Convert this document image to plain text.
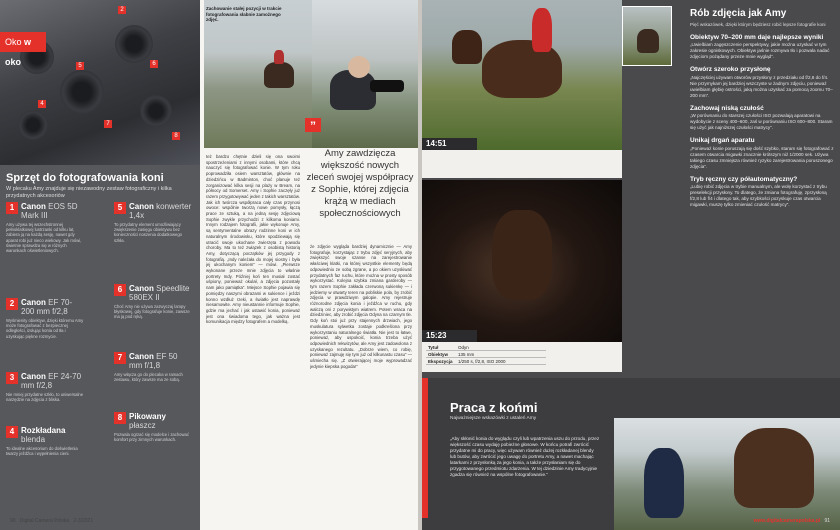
2
4
5	6
7
8
Oko w oko
Sprzęt do fotografowania koni
W plecaku Amy znajduje się niezawodny zestaw fotograficzny i kilka przydatnych akcesoriów
1 Canon EOS 5D Mark III
Amy używa tej wszechstronnej pełnoklatkowej lustrzanki od kilku lat, zabiera ją na każdą sesję, nawet gdy aparat robi już nieco wiekowy. Jak mówi, świetnie sprawdza się w różnych warunkach oświetleniowych.
2 Canon EF 70-200 mm f/2,8
Wyśmienity obiektyw, dzięki któremu Amy może fotografować z bezpiecznej odległości, izolując konia od tła i uzyskując piękne rozmycie.
3 Canon EF 24-70 mm f/2,8
Nie mniej przydatne szkło, to uniwersalne narzędzie na zdjęcia z bliska.
4 Rozkładana blenda
To idealne akcesorium do doświetlenia twarzy jeźdźca i wypełnienia cieni.
5 Canon konwerter 1,4x
To przydatny element umożliwiający zwiększenie zasięgu obiektywu bez konieczności noszenia dodatkowego szkła.
6 Canon Speedlite 580EX II
Choć Amy nie używa zazwyczaj lampy błyskowej, gdy fotografuje konie, zawsze ma ją pod ręką.
7 Canon EF 50 mm f/1,8
Amy włącza go do plecaka w ramach zestawu, który zawsze ma ze sobą.
8 Pikowany płaszcz
Pozwala ogrzać się modelce i zachować komfort przy zimnych warunkach.
Zachowanie stałej pozycji w trakcie fotografowania słabnie zamożnego zdjęć.
”
też bardzo chętnie dzieli się ona swoimi spostrzeżeniami z innymi osobami, które chcą nauczyć się fotografować konie. W tym roku poprowadziła osiem warsztatów, głównie na dziedzińcu w Badminton, choć planuje też zorganizować kilka sesji na plaży w Bream, na północy od Somerset. Amy i Sophie zaczęły już razem przygotowywać jeden z takich warsztatów. Jak ich twórcza współpraca cały czas przynosi owoce: wspólnie tworzą nowe pomysły, łączą prace ze sztuką, a na jedną sesję zdjęciową Sophie zwykle przychodzi z kilkoma koniami. Innym rodzajem fotografii, jakie wykonuje Amy, są sentymentalne obrazy rodzinne koni w ich naturalnym środowisku, które spodziewają się utracić swoje ukochane zwierzęta z powodu choroby. Ma to też związek z osobistą historią Amy, dotyczącą początków jej przygody z fotografią. „Indy należała do mojej siostry i była jej ukochanym koniem” — mówi. „Pierwsze wykonane przeze mnie zdjęcia to właśnie portrety Indy. Później koń ten musiał zostać uśpiony, ponieważ okulał, a zdjęcia pozostały nam jako pamiątka”. Miejsce Sophie pojawia się pomiędzy naszymi obrazami w sukience i jeździ konno wzdłuż rzeki, a światło jest naprawdę niesamowite. Amy nieustannie informuje Sophie, gdzie ma jechać i jak ustawić konia, ponieważ jest ona świadoma tego, jak ważna jest komunikacja między fotografem a modelką.
Amy zawdzięcza większość nowych zleceń swojej współpracy z Sophie, której zdjęcia krążą w mediach społecznościowych
że zdjęcie wygląda bardziej dynamicznie — Amy fotografuje, korzystając z trybu zdjęć seryjnych, aby zwiększyć swoje szanse na zarejestrowanie właściwej klatki, na której wszystkie elementy będą odpowiednio ze sobą zgrane, a po okiem uzyskiwać przydatnych faz ruchu, które można w prosty sposób wykorzystać. Kolejna szybka zmiana garderoby — tym razem Sophie zakłada czerwoną sukienkę — i jedziemy w otwarty teren na pobliskie pola, by zrobić zdjęcia w prawdziwym galopie. Amy rejestruje różnorodne zdjęcia konia i jeźdźca w ruchu, gdy walczą oni z porywistym wiatrem. Potem wraca na dziedziniec, aby zrobić zdjęcia Odyna na czarnym tle. Gdy koń stoi już przy stajennych drzwiach, jego muskulatura sylwetka zostaje podkreślona przy wykorzystaniu naturalnego światła. Nie jest to łatwe, ponieważ, aby uspokoić, konia trzeba użyć odpowiednich rekwizytów, ale Amy jest zadowolona z uzyskanego rezultatu. „Dobrze wiem, co robię, ponieważ zajmuję się tym już od kilkunastu czasu” — uśmiecha się. „Z otwierającej moje wyprowadzać jedynie kiepska pogoda!”
90 Digital Camera Polska 2-3/2021
14:51
15:23
Tytuł	Odyn
Obiektyw	135 mm
Ekspozycja	1/250 s, f/2,8, ISO 2000
Rób zdjęcia jak Amy
Pięć wskazówek, dzięki którym będziesz robić lepsze fotografie koni
Obiektyw 70–200 mm daje najlepsze wyniki

„Uwielbiam zagęszczenie perspektywy, jakie można uzyskać w tym zakresie ogniskowych. Obiektyw jaśnie rozmywa tło i pozwala nadać zdjęciom pożądany przeze mnie wygląd”.

Otwórz szeroko przysłonę

„Najczęściej używam otworów przysłony z przedziału od f/2,8 do f/4. Nie przymykam jej bardziej wszczyste w żadnym zdjęciu, ponieważ uwielbiam głębię ostrości, jaką można uzyskać za pomocą zoomu 70–200 mm”.

Zachowaj niską czułość

„W porównaniu do starszej czułości ISO pozwalają aparatowi na wydobycie z sceny 400–600, zaś w porównaniu ISO 600–800. Staram się użyć jak najniższej czułości matrycy”.

Unikaj drgań aparatu

„Ponieważ konie poruszają się dość szybko, staram się fotografować z czasem otwarcia migawki znacznie krótszym niż 1/2000 sek. Używa takiego czasu zmniejsza również ryzyko zarejestrowania poruszonego zdjęcia”.

Tryb ręczny czy półautomatyczny?

„Lubię robić zdjęcia w trybie manualnym, ale wolę korzystać z trybu preselekcji przysłony. To dlatego, że zmiana fotografuję, zprzysłoną f/2,8 lub f/4 i dlatego tak, aby szybkości pozyskuje czas otwarcia migawki, muszę tylko zmieniać czułość matrycy”.

Praca z końmi
Najważniejsze wskazówki z ustaleń Amy
„Aby skłonić konia do wyglądu czyli lub wpatrzenia uszu do przodu, przez większość czasu wydaję pobieżne głosowe. W końcu potrafi zwrócić przydatne mi do pracy, więc używam również dużej rozkładanej blendy lub butów, aby zwrócić jego uwagę do portretu Amy, a nawet machając latarkami z przysłonką za jego konia, a także przysłaniam się do przygotowanego przedmiotu zdarzenia. W tej dziedzinie Amy tradycyjnie zgadza się również na wspólne fotografowanie.”
www.digitalcamerapolska.pl 91
